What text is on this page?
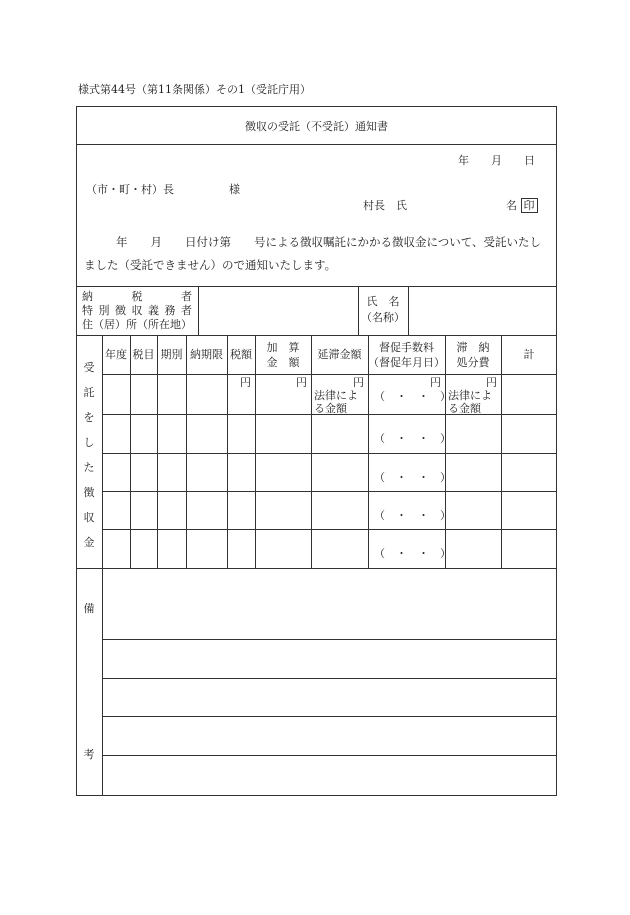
様式第44号（第11条関係）その1（受託庁用）
徴収の受託（不受託）通知書
年　　月　　日
（市・町・村）長　　　　　様
村長　氏　　　　　　　　　名 印
年　　月　　日付け第　　号による徴収嘱託にかかる徴収金について、受託いたし
ました（受託できません）ので通知いたします。
納　税　者
特別徴収義務者
住（居）所（所在地）
氏　名
（名称）
受
託
を
し
た
徴
収
金
年度 税目 期別 納期限 税額
加　算
金　額
延滞金額
督促手数料
（督促年月日）
滞　納
処分費
計
円	円	円
法律によ
る金額
円
（　・　・　）
円
法律によ
る金額
（　・　・　）
（　・　・　）
（　・　・　）
（　・　・　）
備
考
